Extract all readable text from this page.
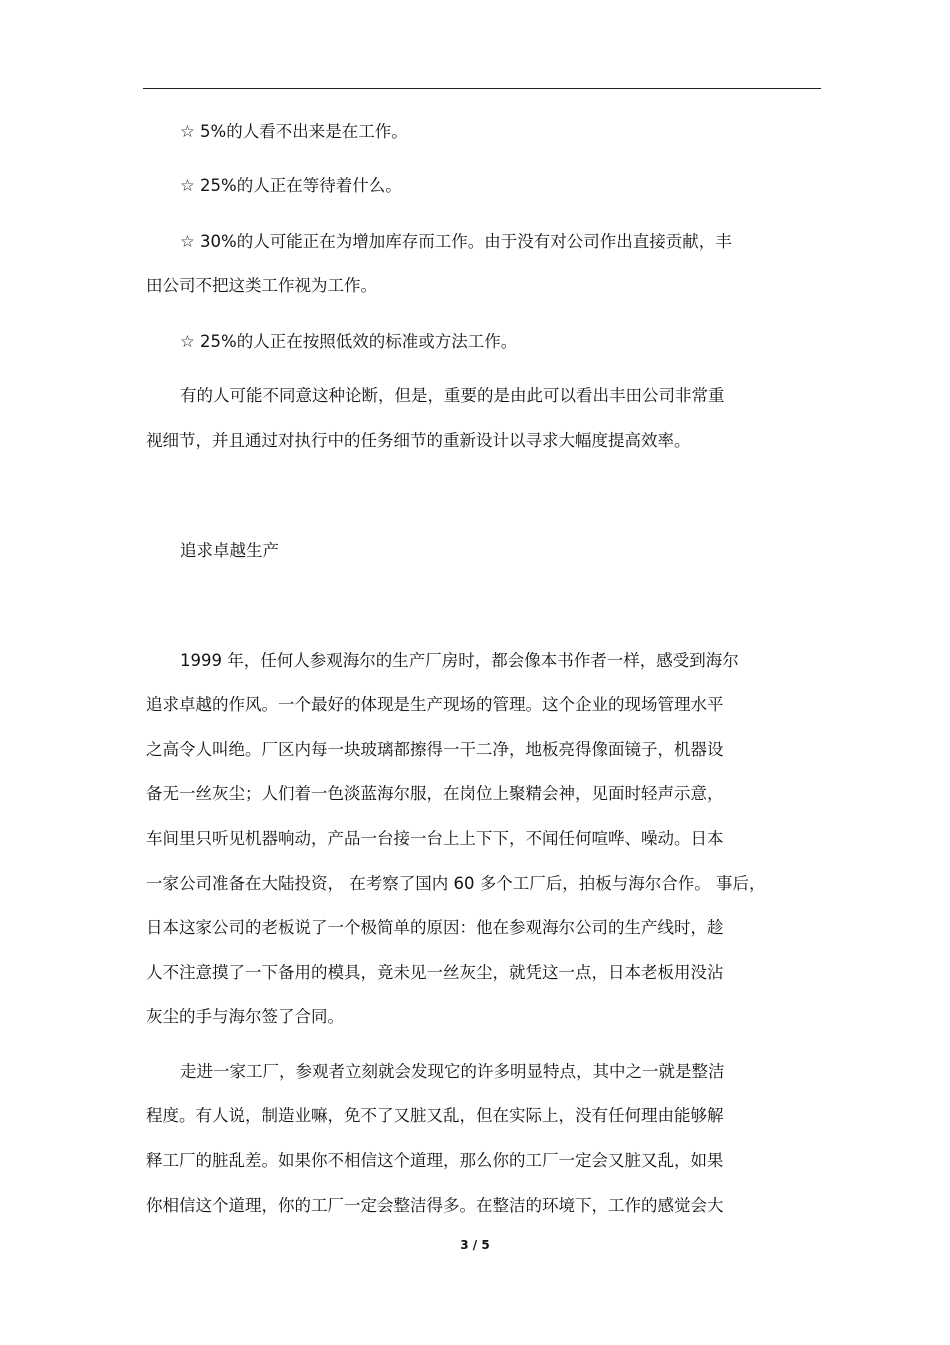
☆ 5%的人看不出来是在工作。
☆ 25%的人正在等待着什么。
☆ 30%的人可能正在为增加库存而工作。由于没有对公司作出直接贡献，丰
田公司不把这类工作视为工作。
☆ 25%的人正在按照低效的标准或方法工作。
有的人可能不同意这种论断，但是，重要的是由此可以看出丰田公司非常重
视细节，并且通过对执行中的任务细节的重新设计以寻求大幅度提高效率。
追求卓越生产
1999 年，任何人参观海尔的生产厂房时，都会像本书作者一样，感受到海尔
追求卓越的作风。一个最好的体现是生产现场的管理。这个企业的现场管理水平
之高令人叫绝。厂区内每一块玻璃都擦得一干二净，地板亮得像面镜子，机器设
备无一丝灰尘；人们着一色淡蓝海尔服，在岗位上聚精会神，见面时轻声示意，
车间里只听见机器响动，产品一台接一台上上下下，不闻任何喧哗、噪动。日本
一家公司准备在大陆投资， 在考察了国内 60 多个工厂后，拍板与海尔合作。 事后，
日本这家公司的老板说了一个极简单的原因：他在参观海尔公司的生产线时，趁
人不注意摸了一下备用的模具，竟未见一丝灰尘，就凭这一点，日本老板用没沾
灰尘的手与海尔签了合同。
走进一家工厂，参观者立刻就会发现它的许多明显特点，其中之一就是整洁
程度。有人说，制造业嘛，免不了又脏又乱，但在实际上，没有任何理由能够解
释工厂的脏乱差。如果你不相信这个道理，那么你的工厂一定会又脏又乱，如果
你相信这个道理，你的工厂一定会整洁得多。在整洁的环境下，工作的感觉会大
3 / 5
